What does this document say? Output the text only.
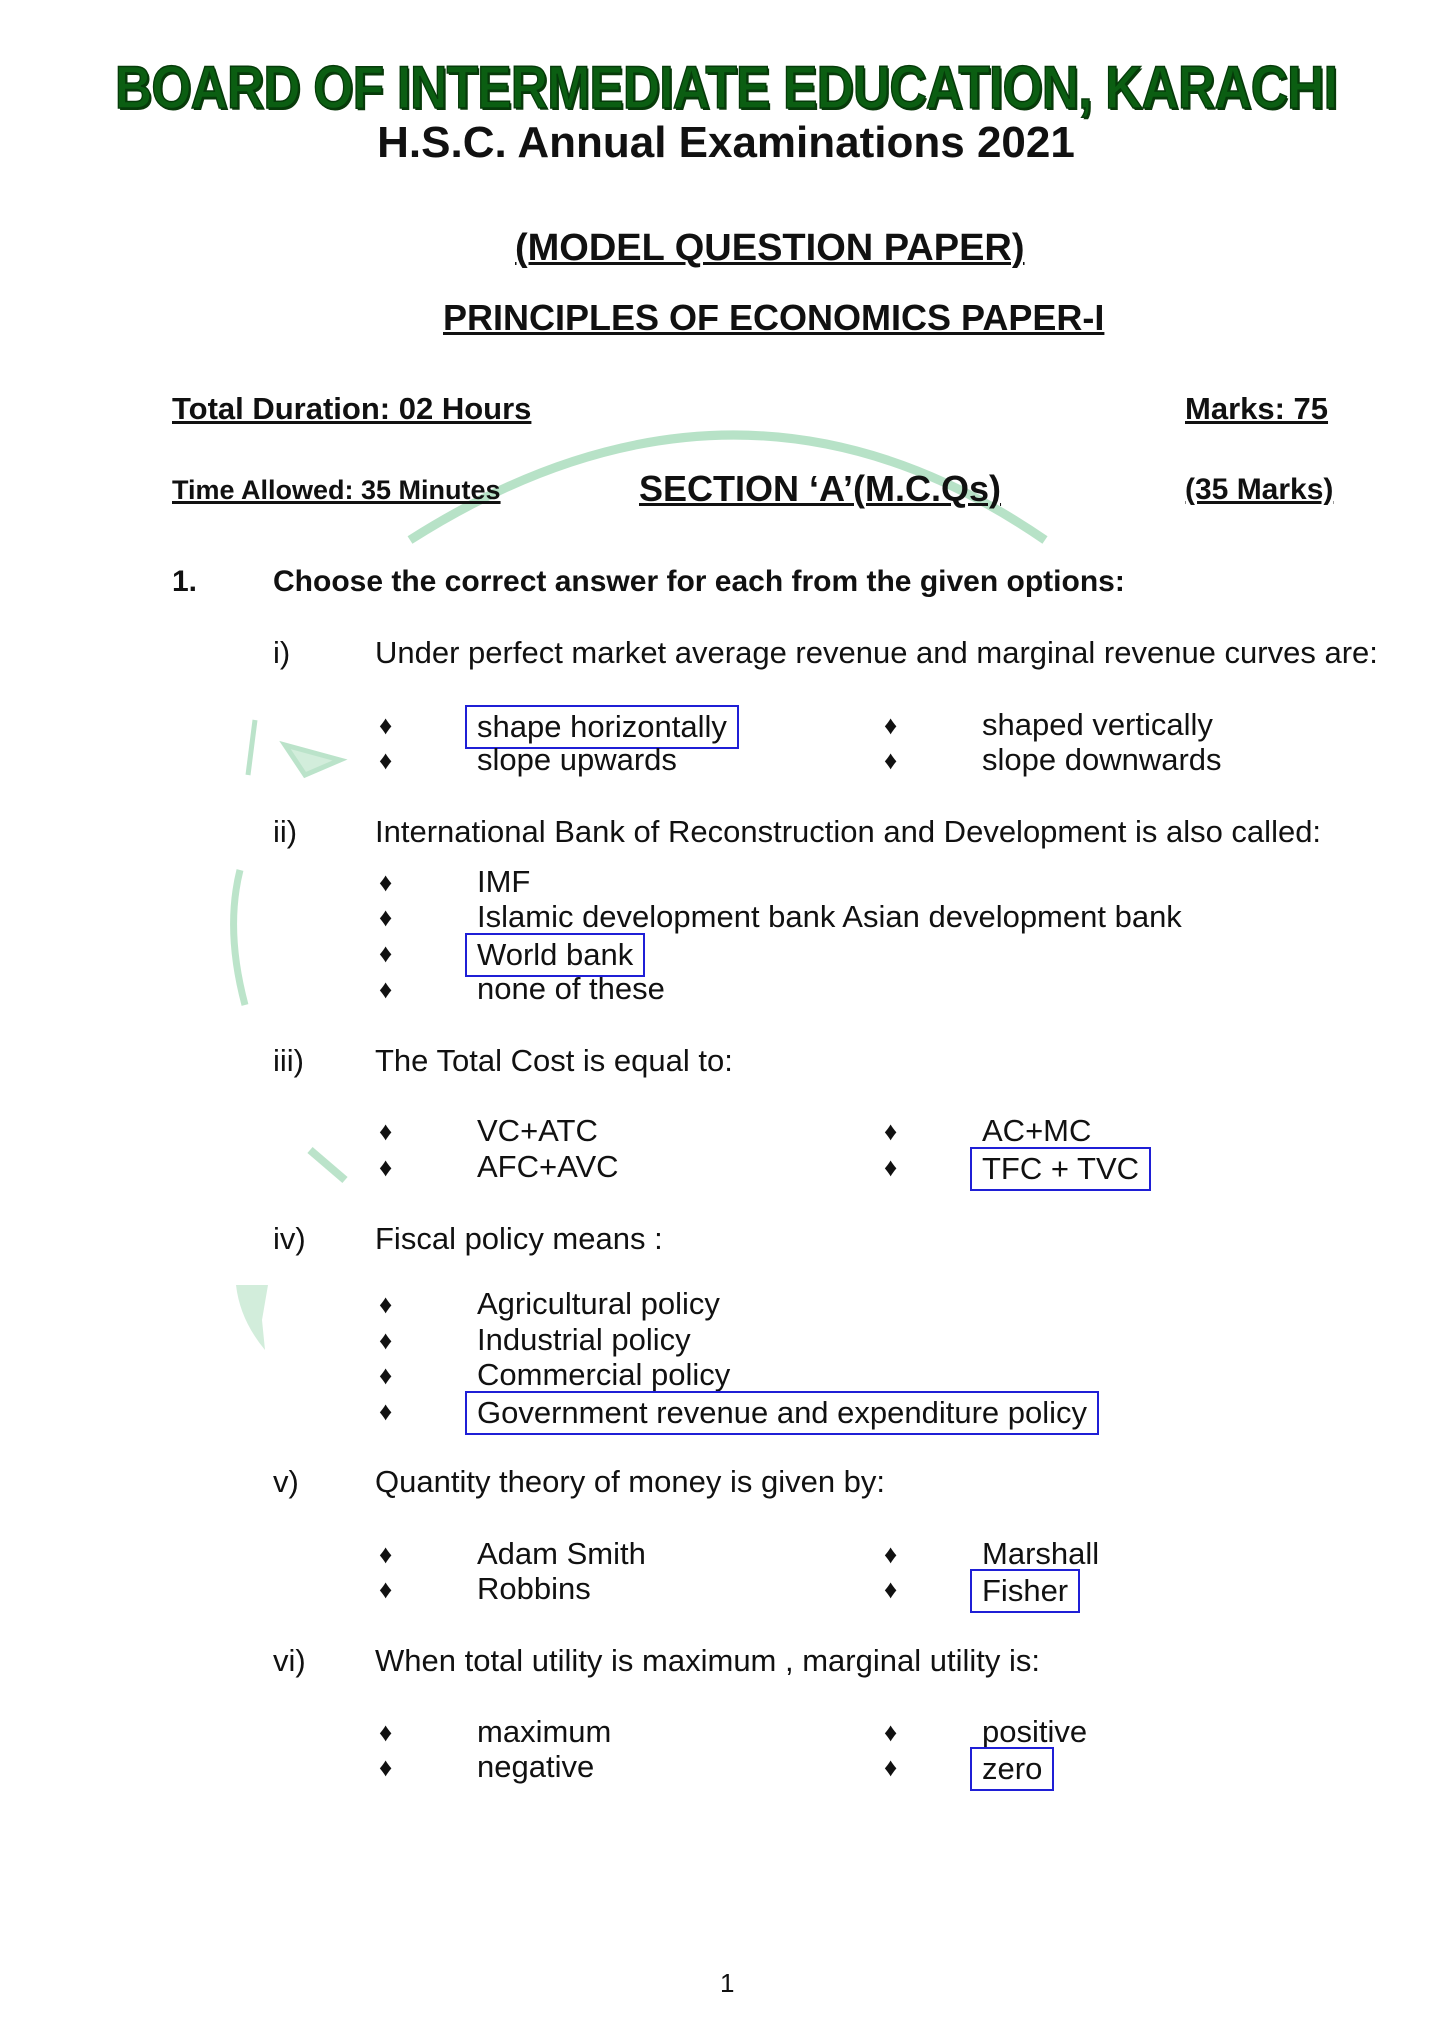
BOARD OF INTERMEDIATE EDUCATION, KARACHI
H.S.C. Annual Examinations 2021
(MODEL QUESTION PAPER)
PRINCIPLES OF ECONOMICS PAPER-I
Total Duration: 02 Hours	Marks: 75
Time Allowed: 35 Minutes	SECTION ‘A’(M.C.Qs)	(35 Marks)
1.	Choose the correct answer for each from the given options:
i)	Under perfect market average revenue and marginal revenue curves are:
♦	shape horizontally	♦	shaped vertically
♦	slope upwards	♦	slope downwards
ii)	International Bank of Reconstruction and Development is also called:
♦	IMF
♦	Islamic development bank Asian development bank
♦	World bank
♦	none of these
iii) The Total Cost is equal to:
♦	VC+ATC	♦	AC+MC
♦	AFC+AVC	♦	TFC + TVC
iv) Fiscal policy means :
♦	Agricultural policy
♦	Industrial policy
♦	Commercial policy
♦	Government revenue and expenditure policy
v) Quantity theory of money is given by:
♦	Adam Smith	♦	Marshall
♦	Robbins	♦	Fisher
vi) When total utility is maximum , marginal utility is:
♦	maximum	♦	positive
♦	negative	♦	zero
1
